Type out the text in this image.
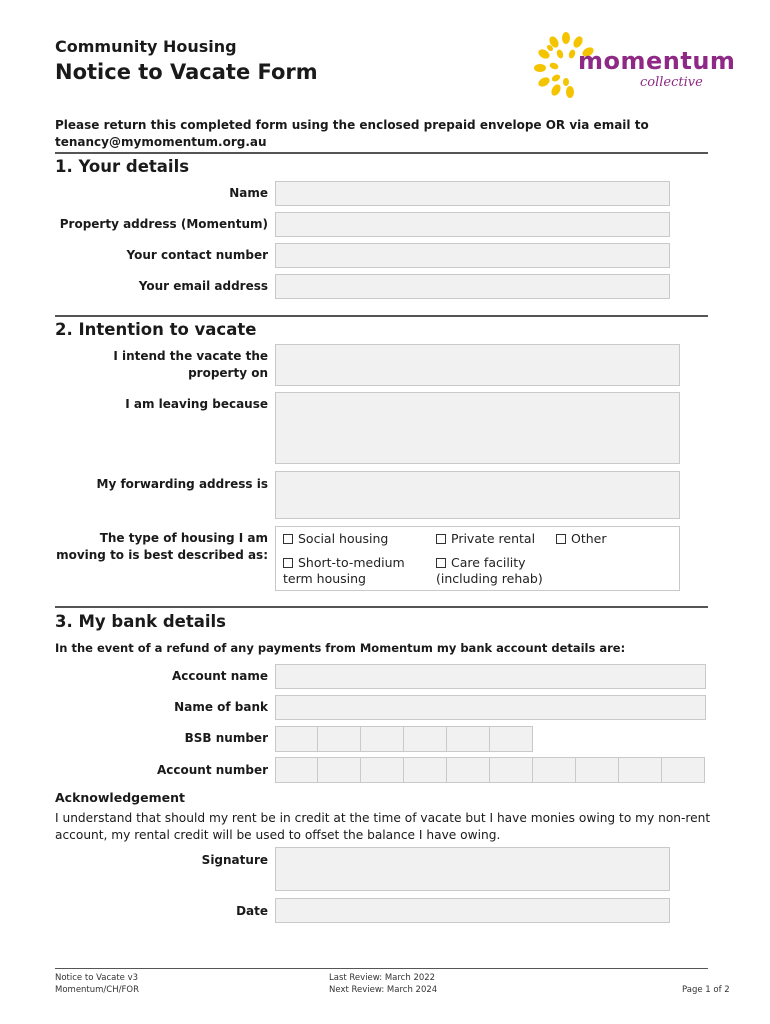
Community Housing
Notice to Vacate Form	momentum
collective
Please return this completed form using the enclosed prepaid envelope OR via email to
tenancy@mymomentum.org.au
1. Your details
Name
Property address (Momentum)
Your contact number
Your email address
2. Intention to vacate
I intend the vacate the
property on
I am leaving because
My forwarding address is
The type of housing I am
moving to is best described as:
Social housing	Private rental	Other
Short-to-medium
term housing
Care facility
(including rehab)
3. My bank details
In the event of a refund of any payments from Momentum my bank account details are:
Account name
Name of bank
BSB number
Account number
Acknowledgement
I understand that should my rent be in credit at the time of vacate but I have monies owing to my non-rent
account, my rental credit will be used to offset the balance I have owing.
Signature
Date
Notice to Vacate v3
Momentum/CH/FOR
Last Review: March 2022
Next Review: March 2024	Page 1 of 2
